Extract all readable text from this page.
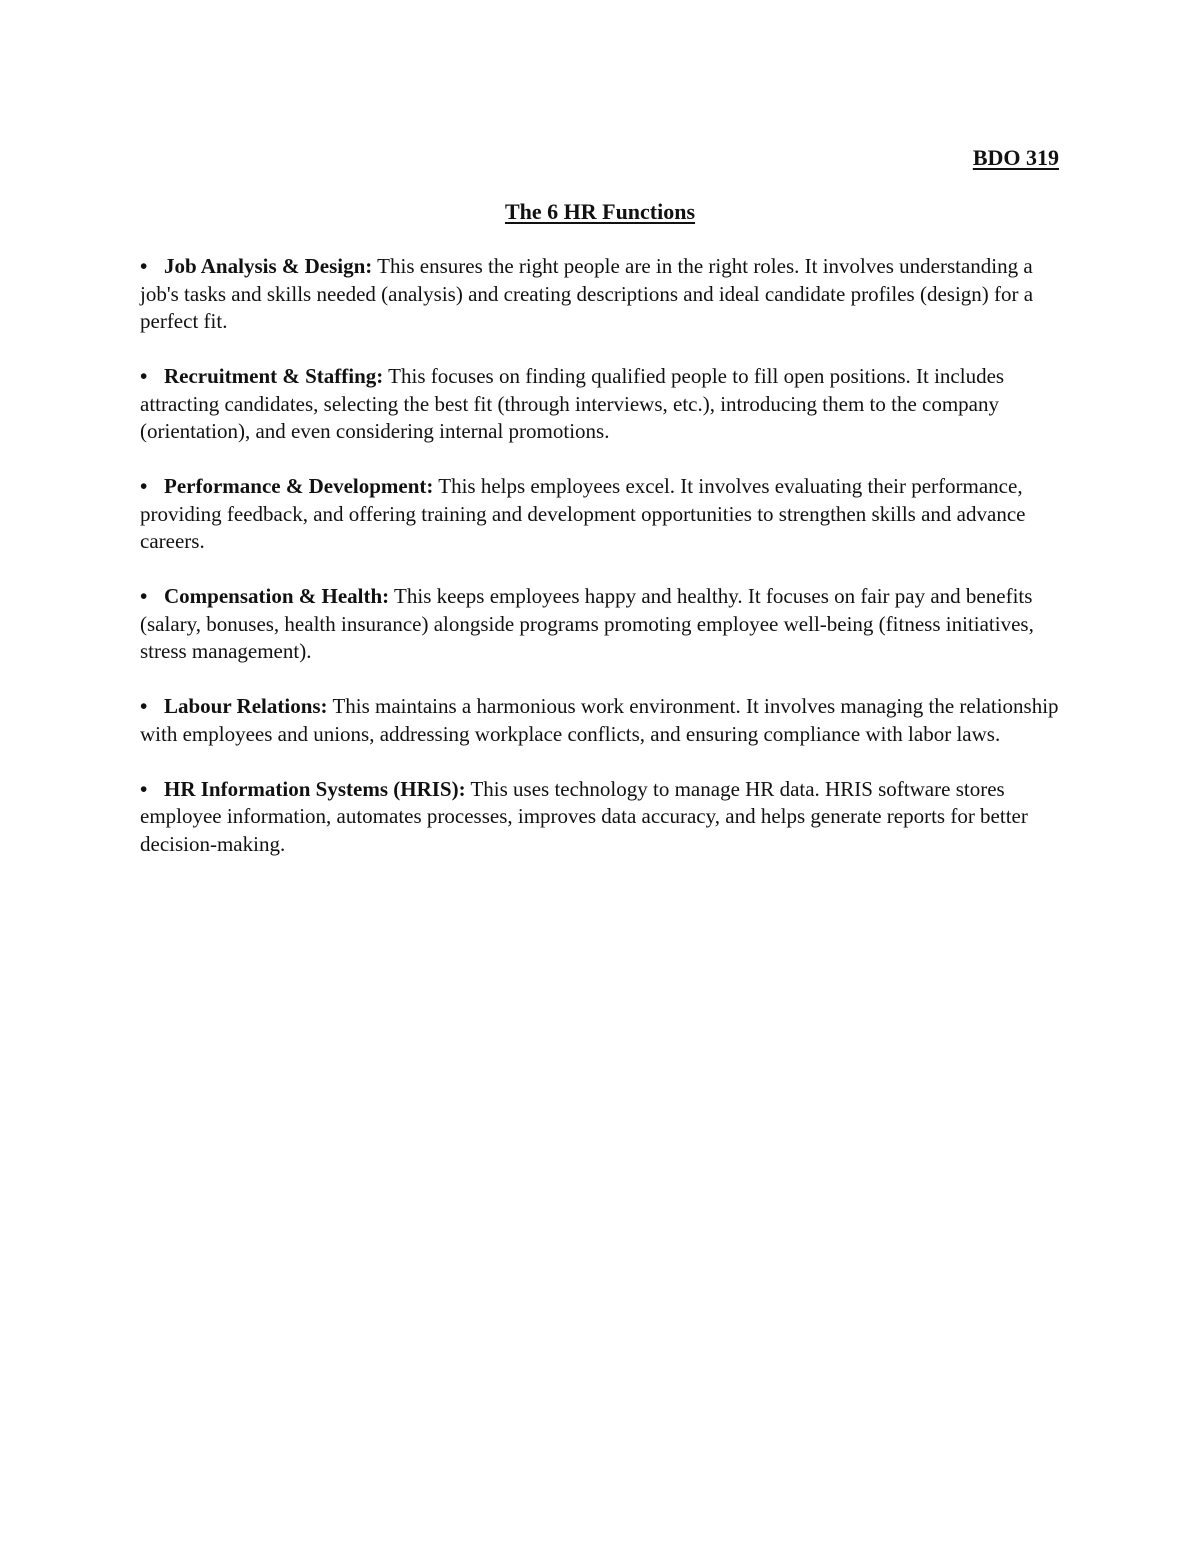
BDO 319
The 6 HR Functions
• Job Analysis & Design: This ensures the right people are in the right roles. It involves understanding a job's tasks and skills needed (analysis) and creating descriptions and ideal candidate profiles (design) for a perfect fit.
• Recruitment & Staffing: This focuses on finding qualified people to fill open positions. It includes attracting candidates, selecting the best fit (through interviews, etc.), introducing them to the company (orientation), and even considering internal promotions.
• Performance & Development: This helps employees excel. It involves evaluating their performance, providing feedback, and offering training and development opportunities to strengthen skills and advance careers.
• Compensation & Health: This keeps employees happy and healthy. It focuses on fair pay and benefits (salary, bonuses, health insurance) alongside programs promoting employee well-being (fitness initiatives, stress management).
• Labour Relations: This maintains a harmonious work environment. It involves managing the relationship with employees and unions, addressing workplace conflicts, and ensuring compliance with labor laws.
• HR Information Systems (HRIS): This uses technology to manage HR data. HRIS software stores employee information, automates processes, improves data accuracy, and helps generate reports for better decision-making.
